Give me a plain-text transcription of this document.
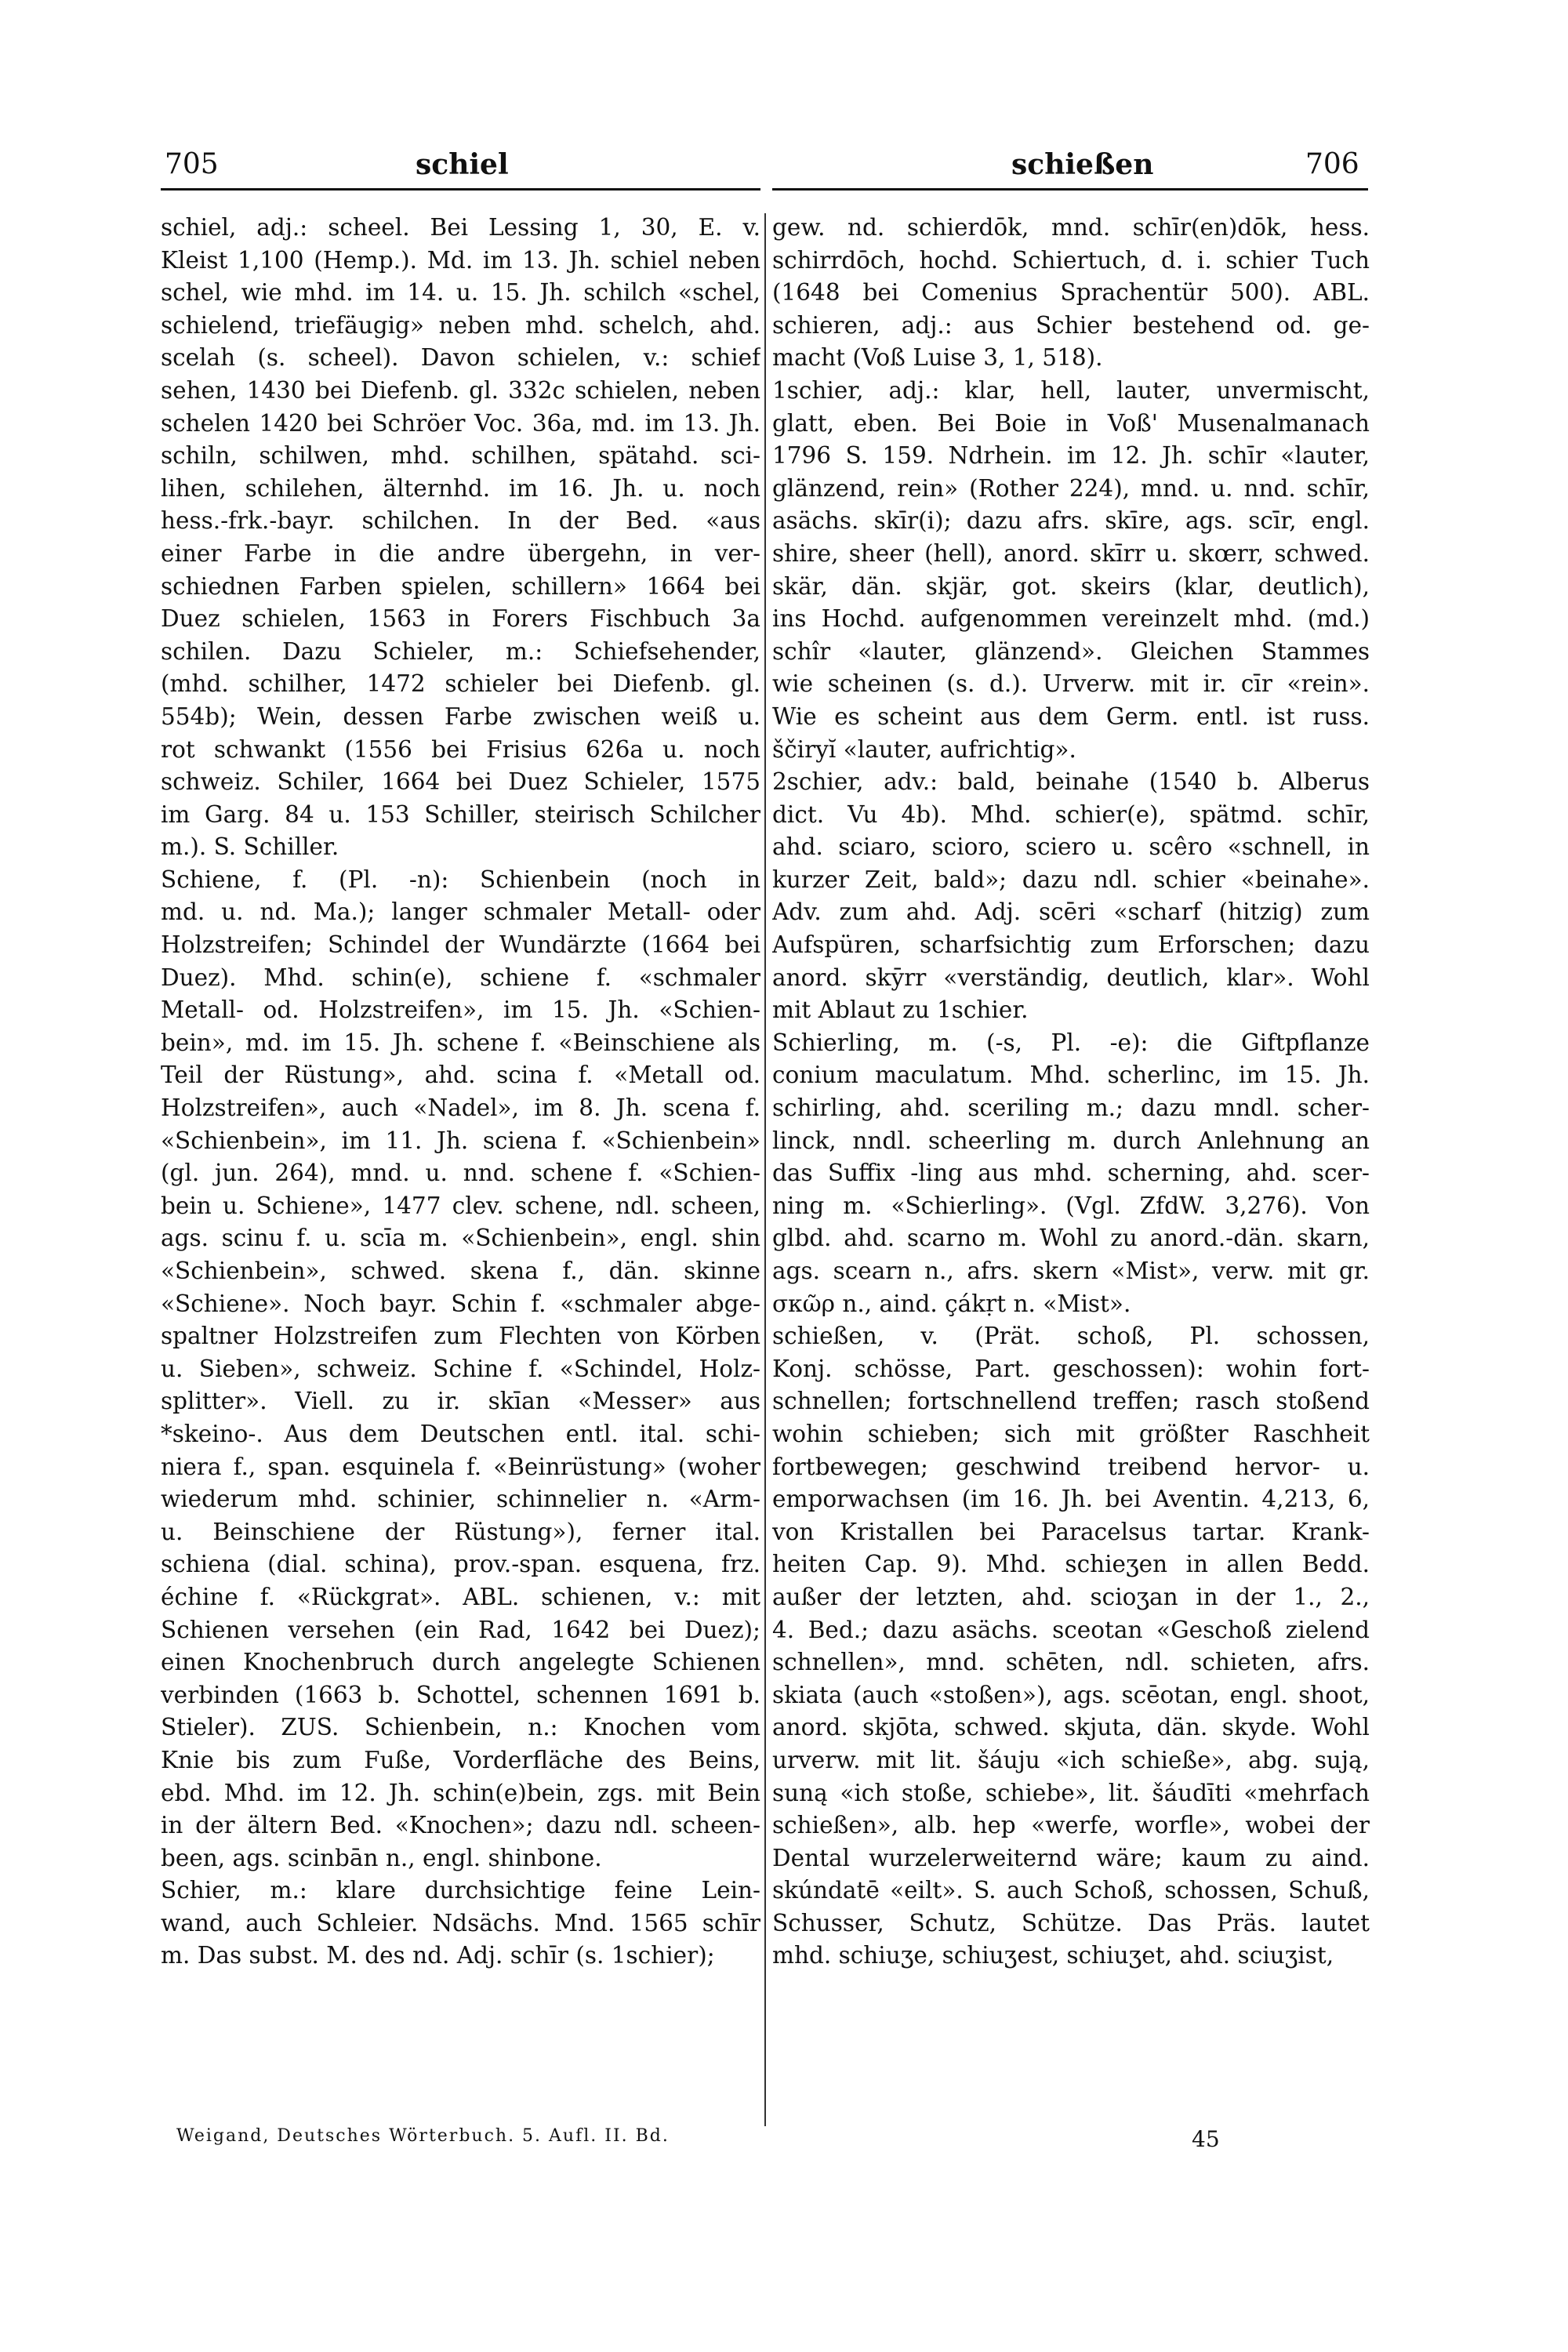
705	schiel	schießen	706
schiel, adj.: scheel. Bei Lessing 1, 30, E. v.
Kleist 1,100 (Hemp.). Md. im 13. Jh. schiel neben
schel, wie mhd. im 14. u. 15. Jh. schilch «schel,
schielend, triefäugig» neben mhd. schelch, ahd.
scelah (s. scheel). Davon schielen, v.: schief
sehen, 1430 bei Diefenb. gl. 332c schielen, neben
schelen 1420 bei Schröer Voc. 36a, md. im 13. Jh.
schiln, schilwen, mhd. schilhen, spätahd. sci-
lihen, schilehen, älternhd. im 16. Jh. u. noch
hess.-frk.-bayr. schilchen. In der Bed. «aus
einer Farbe in die andre übergehn, in ver-
schiednen Farben spielen, schillern» 1664 bei
Duez schielen, 1563 in Forers Fischbuch 3a
schilen. Dazu Schieler, m.: Schiefsehender,
(mhd. schilher, 1472 schieler bei Diefenb. gl.
554b); Wein, dessen Farbe zwischen weiß u.
rot schwankt (1556 bei Frisius 626a u. noch
schweiz. Schiler, 1664 bei Duez Schieler, 1575
im Garg. 84 u. 153 Schiller, steirisch Schilcher
m.). S. Schiller.
Schiene, f. (Pl. -n): Schienbein (noch in
md. u. nd. Ma.); langer schmaler Metall- oder
Holzstreifen; Schindel der Wundärzte (1664 bei
Duez). Mhd. schin(e), schiene f. «schmaler
Metall- od. Holzstreifen», im 15. Jh. «Schien-
bein», md. im 15. Jh. schene f. «Beinschiene als
Teil der Rüstung», ahd. scina f. «Metall od.
Holzstreifen», auch «Nadel», im 8. Jh. scena f.
«Schienbein», im 11. Jh. sciena f. «Schienbein»
(gl. jun. 264), mnd. u. nnd. schene f. «Schien-
bein u. Schiene», 1477 clev. schene, ndl. scheen,
ags. scinu f. u. scīa m. «Schienbein», engl. shin
«Schienbein», schwed. skena f., dän. skinne
«Schiene». Noch bayr. Schin f. «schmaler abge-
spaltner Holzstreifen zum Flechten von Körben
u. Sieben», schweiz. Schine f. «Schindel, Holz-
splitter». Viell. zu ir. skīan «Messer» aus
*skeino-. Aus dem Deutschen entl. ital. schi-
niera f., span. esquinela f. «Beinrüstung» (woher
wiederum mhd. schinier, schinnelier n. «Arm-
u. Beinschiene der Rüstung»), ferner ital.
schiena (dial. schina), prov.-span. esquena, frz.
échine f. «Rückgrat». ABL. schienen, v.: mit
Schienen versehen (ein Rad, 1642 bei Duez);
einen Knochenbruch durch angelegte Schienen
verbinden (1663 b. Schottel, schennen 1691 b.
Stieler). ZUS. Schienbein, n.: Knochen vom
Knie bis zum Fuße, Vorderfläche des Beins,
ebd. Mhd. im 12. Jh. schin(e)bein, zgs. mit Bein
in der ältern Bed. «Knochen»; dazu ndl. scheen-
been, ags. scinbān n., engl. shinbone.
Schier, m.: klare durchsichtige feine Lein-
wand, auch Schleier. Ndsächs. Mnd. 1565 schīr
m. Das subst. M. des nd. Adj. schīr (s. 1schier);
gew. nd. schierdōk, mnd. schīr(en)dōk, hess.
schirrdōch, hochd. Schiertuch, d. i. schier Tuch
(1648 bei Comenius Sprachentür 500). ABL.
schieren, adj.: aus Schier bestehend od. ge-
macht (Voß Luise 3, 1, 518).
1schier, adj.: klar, hell, lauter, unvermischt,
glatt, eben. Bei Boie in Voß' Musenalmanach
1796 S. 159. Ndrhein. im 12. Jh. schīr «lauter,
glänzend, rein» (Rother 224), mnd. u. nnd. schīr,
asächs. skīr(i); dazu afrs. skīre, ags. scīr, engl.
shire, sheer (hell), anord. skīrr u. skœrr, schwed.
skär, dän. skjär, got. skeirs (klar, deutlich),
ins Hochd. aufgenommen vereinzelt mhd. (md.)
schîr «lauter, glänzend». Gleichen Stammes
wie scheinen (s. d.). Urverw. mit ir. cīr «rein».
Wie es scheint aus dem Germ. entl. ist russ.
ščiryĭ «lauter, aufrichtig».
2schier, adv.: bald, beinahe (1540 b. Alberus
dict. Vu 4b). Mhd. schier(e), spätmd. schīr,
ahd. sciaro, scioro, sciero u. scêro «schnell, in
kurzer Zeit, bald»; dazu ndl. schier «beinahe».
Adv. zum ahd. Adj. scēri «scharf (hitzig) zum
Aufspüren, scharfsichtig zum Erforschen; dazu
anord. skȳrr «verständig, deutlich, klar». Wohl
mit Ablaut zu 1schier.
Schierling, m. (-s, Pl. -e): die Giftpflanze
conium maculatum. Mhd. scherlinc, im 15. Jh.
schirling, ahd. sceriling m.; dazu mndl. scher-
linck, nndl. scheerling m. durch Anlehnung an
das Suffix -ling aus mhd. scherning, ahd. scer-
ning m. «Schierling». (Vgl. ZfdW. 3,276). Von
glbd. ahd. scarno m. Wohl zu anord.-dän. skarn,
ags. scearn n., afrs. skern «Mist», verw. mit gr.
σκῶρ n., aind. çákṛt n. «Mist».
schießen, v. (Prät. schoß, Pl. schossen,
Konj. schösse, Part. geschossen): wohin fort-
schnellen; fortschnellend treffen; rasch stoßend
wohin schieben; sich mit größter Raschheit
fortbewegen; geschwind treibend hervor- u.
emporwachsen (im 16. Jh. bei Aventin. 4,213, 6,
von Kristallen bei Paracelsus tartar. Krank-
heiten Cap. 9). Mhd. schieʒen in allen Bedd.
außer der letzten, ahd. scioʒan in der 1., 2.,
4. Bed.; dazu asächs. sceotan «Geschoß zielend
schnellen», mnd. schēten, ndl. schieten, afrs.
skiata (auch «stoßen»), ags. scēotan, engl. shoot,
anord. skjōta, schwed. skjuta, dän. skyde. Wohl
urverw. mit lit. šáuju «ich schieße», abg. sują,
suną «ich stoße, schiebe», lit. šáudīti «mehrfach
schießen», alb. hep «werfe, worfle», wobei der
Dental wurzelerweiternd wäre; kaum zu aind.
skúndatē «eilt». S. auch Schoß, schossen, Schuß,
Schusser, Schutz, Schütze. Das Präs. lautet
mhd. schiuʒe, schiuʒest, schiuʒet, ahd. sciuʒist,
Weigand, Deutsches Wörterbuch. 5. Aufl. II. Bd.	45
